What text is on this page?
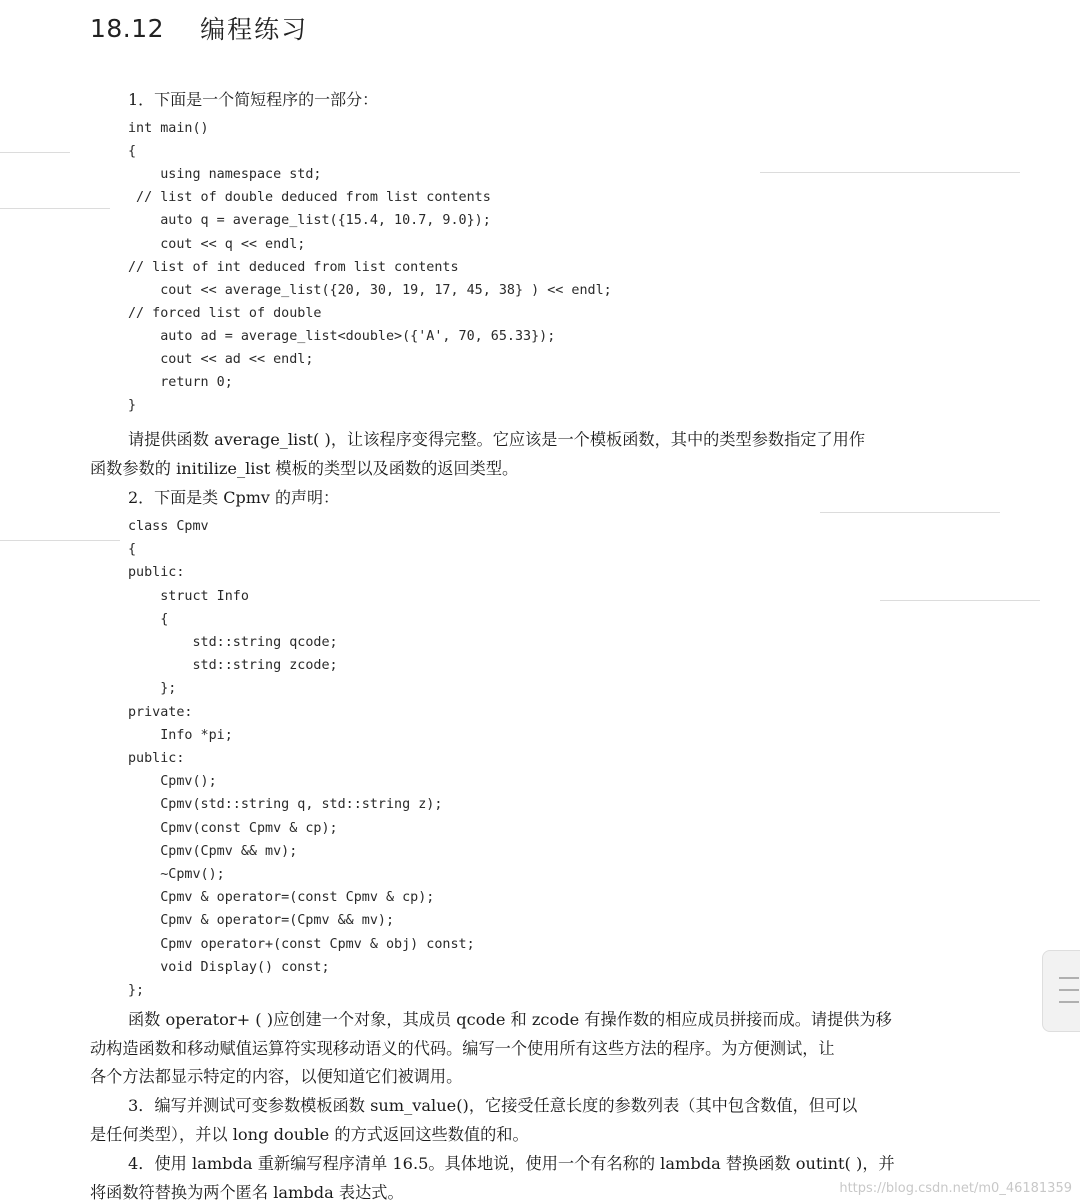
18.12 编程练习
1．下面是一个简短程序的一部分：
int main()
{
using namespace std;
// list of double deduced from list contents
auto q = average_list({15.4, 10.7, 9.0});
cout << q << endl;
// list of int deduced from list contents
cout << average_list({20, 30, 19, 17, 45, 38} ) << endl;
// forced list of double
auto ad = average_list<double>({'A', 70, 65.33});
cout << ad << endl;
return 0;
}

请提供函数 average_list( )，让该程序变得完整。它应该是一个模板函数，其中的类型参数指定了用作

函数参数的 initilize_list 模板的类型以及函数的返回类型。

2．下面是类 Cpmv 的声明：
class Cpmv
{
public:
struct Info
{
std::string qcode;
std::string zcode;
};
private:
Info *pi;
public:
Cpmv();
Cpmv(std::string q, std::string z);
Cpmv(const Cpmv & cp);
Cpmv(Cpmv && mv);
~Cpmv();
Cpmv & operator=(const Cpmv & cp);
Cpmv & operator=(Cpmv && mv);
Cpmv operator+(const Cpmv & obj) const;
void Display() const;
};

函数 operator+ ( )应创建一个对象，其成员 qcode 和 zcode 有操作数的相应成员拼接而成。请提供为移

动构造函数和移动赋值运算符实现移动语义的代码。编写一个使用所有这些方法的程序。为方便测试，让

各个方法都显示特定的内容，以便知道它们被调用。

3．编写并测试可变参数模板函数 sum_value()，它接受任意长度的参数列表（其中包含数值，但可以

是任何类型），并以 long double 的方式返回这些数值的和。

4．使用 lambda 重新编写程序清单 16.5。具体地说，使用一个有名称的 lambda 替换函数 outint( )，并

将函数符替换为两个匿名 lambda 表达式。	https://blog.csdn.net/m0_46181359
